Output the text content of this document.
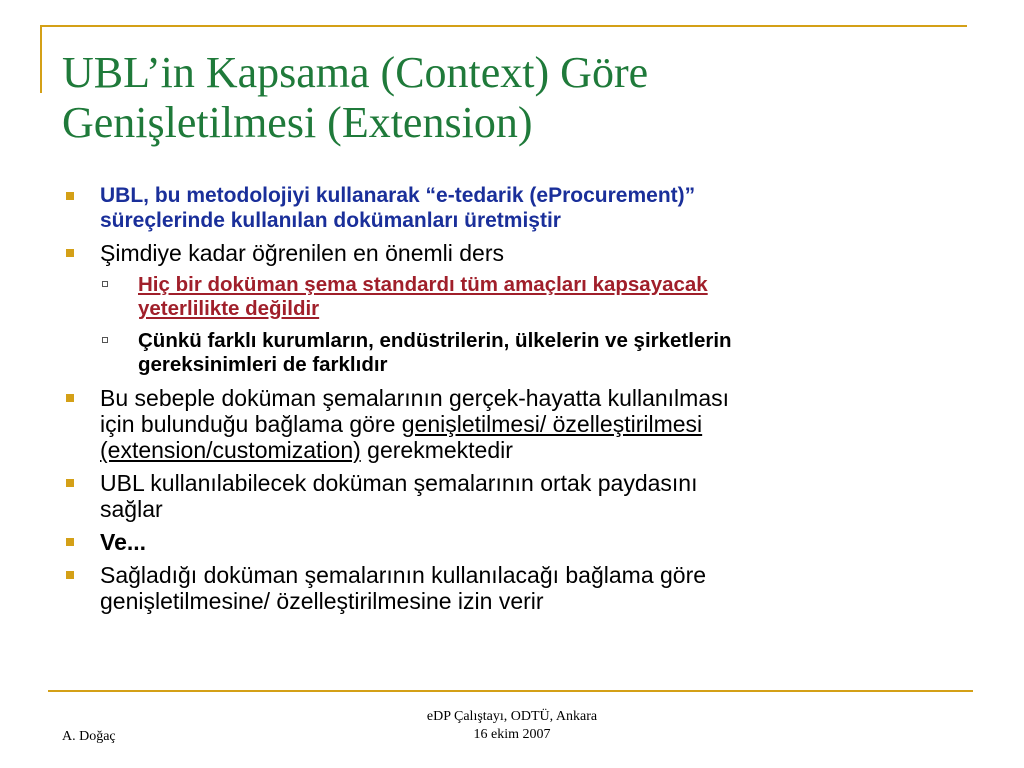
UBL’in Kapsama (Context) Göre
Genişletilmesi (Extension)
UBL, bu metodolojiyi kullanarak “e-tedarik (eProcurement)”
süreçlerinde kullanılan dokümanları üretmiştir
Şimdiye kadar öğrenilen en önemli ders
Hiç bir doküman şema standardı tüm amaçları kapsayacak
yeterlilikte değildir
Çünkü farklı kurumların, endüstrilerin, ülkelerin ve şirketlerin
gereksinimleri de farklıdır
Bu sebeple doküman şemalarının gerçek-hayatta kullanılması
için bulunduğu bağlama göre genişletilmesi/ özelleştirilmesi
(extension/customization) gerekmektedir
UBL kullanılabilecek doküman şemalarının ortak paydasını
sağlar
Ve...
Sağladığı doküman şemalarının kullanılacağı bağlama göre
genişletilmesine/ özelleştirilmesine izin verir
A. Doğaç
eDP Çalıştayı, ODTÜ, Ankara
16 ekim 2007
